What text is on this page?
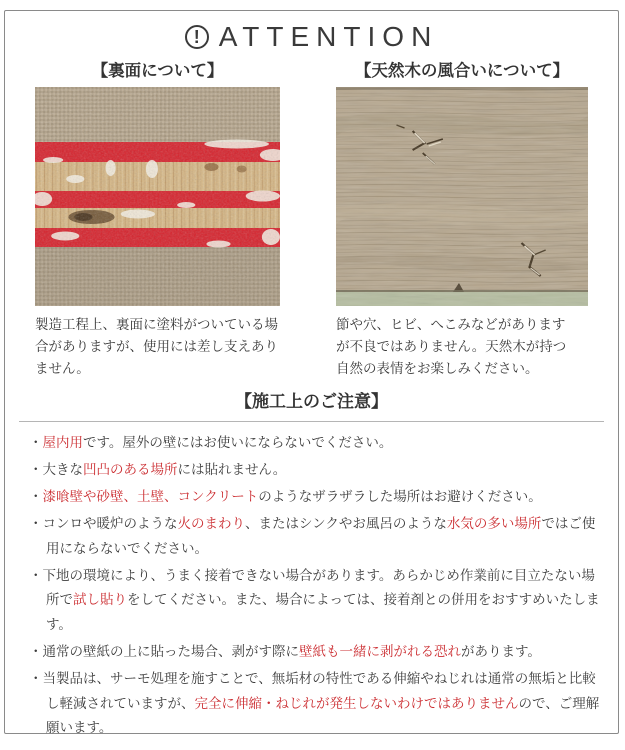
! ATTENTION
【裏面について】

製造工程上、裏面に塗料がついている場合がありますが、使用には差し支えありません。

【天然木の風合いについて】

節や穴、ヒビ、へこみなどがありますが不良ではありません。天然木が持つ自然の表情をお楽しみください。

【施工上のご注意】
・屋内用です。屋外の壁にはお使いにならないでください。
・大きな凹凸のある場所には貼れません。
・漆喰壁や砂壁、土壁、コンクリートのようなザラザラした場所はお避けください。
・コンロや暖炉のような火のまわり、またはシンクやお風呂のような水気の多い場所ではご使用にならないでください。
・下地の環境により、うまく接着できない場合があります。あらかじめ作業前に目立たない場所で試し貼りをしてください。また、場合によっては、接着剤との併用をおすすめいたします。
・通常の壁紙の上に貼った場合、剥がす際に壁紙も一緒に剥がれる恐れがあります。
・当製品は、サーモ処理を施すことで、無垢材の特性である伸縮やねじれは通常の無垢と比較し軽減されていますが、完全に伸縮・ねじれが発生しないわけではありませんので、ご理解願います。
